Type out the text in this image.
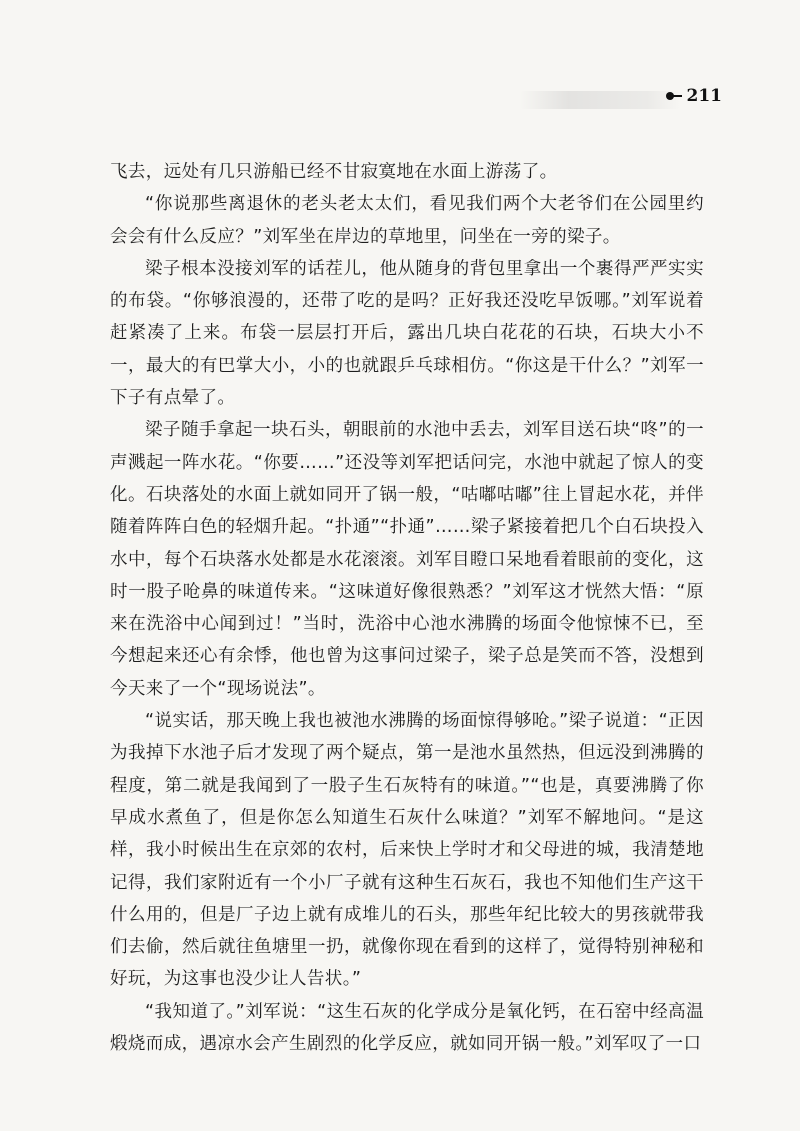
211

飞去，远处有几只游船已经不甘寂寞地在水面上游荡了。

“你说那些离退休的老头老太太们，看见我们两个大老爷们在公园里约会会有什么反应？”刘军坐在岸边的草地里，问坐在一旁的梁子。

梁子根本没接刘军的话茬儿，他从随身的背包里拿出一个裹得严严实实的布袋。“你够浪漫的，还带了吃的是吗？正好我还没吃早饭哪。”刘军说着赶紧凑了上来。布袋一层层打开后，露出几块白花花的石块，石块大小不一，最大的有巴掌大小，小的也就跟乒乓球相仿。“你这是干什么？”刘军一下子有点晕了。

梁子随手拿起一块石头，朝眼前的水池中丢去，刘军目送石块“咚”的一声溅起一阵水花。“你要……”还没等刘军把话问完，水池中就起了惊人的变化。石块落处的水面上就如同开了锅一般，“咕嘟咕嘟”往上冒起水花，并伴随着阵阵白色的轻烟升起。“扑通”“扑通”……梁子紧接着把几个白石块投入水中，每个石块落水处都是水花滚滚。刘军目瞪口呆地看着眼前的变化，这时一股子呛鼻的味道传来。“这味道好像很熟悉？”刘军这才恍然大悟：“原来在洗浴中心闻到过！”当时，洗浴中心池水沸腾的场面令他惊悚不已，至今想起来还心有余悸，他也曾为这事问过梁子，梁子总是笑而不答，没想到今天来了一个“现场说法”。

“说实话，那天晚上我也被池水沸腾的场面惊得够呛。”梁子说道：“正因为我掉下水池子后才发现了两个疑点，第一是池水虽然热，但远没到沸腾的程度，第二就是我闻到了一股子生石灰特有的味道。”“也是，真要沸腾了你早成水煮鱼了，但是你怎么知道生石灰什么味道？”刘军不解地问。“是这样，我小时候出生在京郊的农村，后来快上学时才和父母进的城，我清楚地记得，我们家附近有一个小厂子就有这种生石灰石，我也不知他们生产这干什么用的，但是厂子边上就有成堆儿的石头，那些年纪比较大的男孩就带我们去偷，然后就往鱼塘里一扔，就像你现在看到的这样了，觉得特别神秘和好玩，为这事也没少让人告状。”

“我知道了。”刘军说：“这生石灰的化学成分是氧化钙，在石窑中经高温煅烧而成，遇凉水会产生剧烈的化学反应，就如同开锅一般。”刘军叹了一口
